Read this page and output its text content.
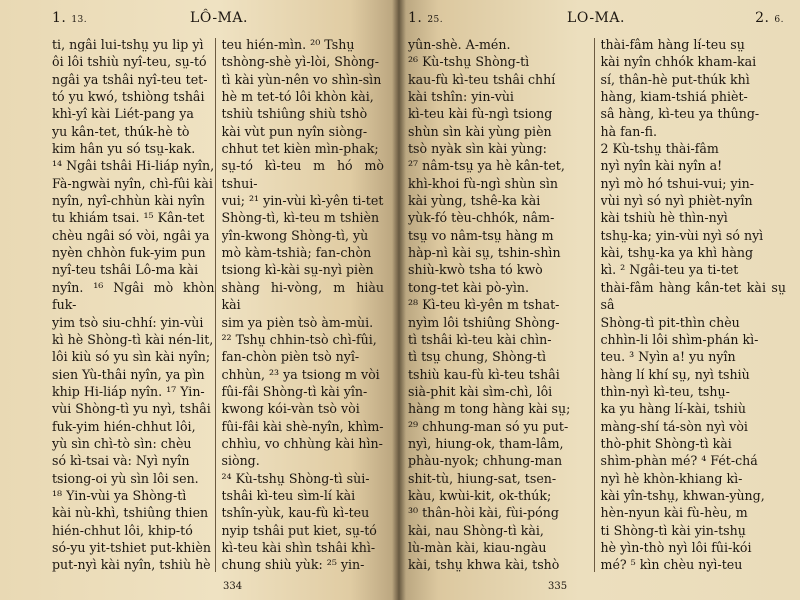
1. 13.	LÔ-MA.
334
1. 25.	LO-MA.	2. 6.
335
ti, ngâi lui-tshṳ yu lip yì
ôi lôi tshiù nyî-teu, sṳ-tó
ngâi ya tshâi nyî-teu tet-
tó yu kwó, tshiòng tshâi
khì-yî kài Liét-pang ya
yu kân-tet, thúk-hè tò
kim hân yu só tsṳ-kak.
¹⁴ Ngâi tshâi Hi-liáp nyîn,
Fà-ngwài nyîn, chì-fûi kài
nyîn, nyî-chhùn kài nyîn
tu khiám tsai. ¹⁵ Kân-tet
chèu ngâi só vòi, ngâi ya
nyèn chhòn fuk-yim pun
nyî-teu tshâi Lô-ma kài
nyîn. ¹⁶ Ngâi mò khòn fuk-
yim tsò siu-chhí: yin-vùi
kì hè Shòng-tì kài nén-lit,
lôi kiù só yu sìn kài nyîn;
sien Yù-thâi nyîn, ya pìn
khip Hi-liáp nyîn. ¹⁷ Yin-
vùi Shòng-tì yu nyì, tshâi
fuk-yim hién-chhut lôi,
yù sìn chì-tò sìn: chèu
só kì-tsai và: Nyì nyîn
tsiong-oi yù sìn lôi sen.
¹⁸ Yin-vùi ya Shòng-tì
kài nù-khì, tshiûng thien
hién-chhut lôi, khip-tó
só-yu yit-tshiet put-khièn
put-nyì kài nyîn, tshiù hè
teu hién-mìn. ²⁰ Tshṳ
tshòng-shè yì-lòi, Shòng-
tì kài yùn-nên vo shìn-sìn
hè m tet-tó lôi khòn kài,
tshiù tshiûng shiù tshò
kài vùt pun nyîn siòng-
chhut tet kièn mìn-phak;
sṳ-tó kì-teu m hó mò tshui-
vui; ²¹ yin-vùi kì-yên ti-tet
Shòng-tì, kì-teu m tshièn
yîn-kwong Shòng-tì, yù
mò kàm-tshià; fan-chòn
tsiong kì-kài sṳ-nyì pièn
shàng hi-vòng, m hiàu kài
sim ya pièn tsò àm-mùi.
²² Tshṳ chhin-tsò chì-fûi,
fan-chòn pièn tsò nyî-
chhùn, ²³ ya tsiong m vòi
fûi-fâi Shòng-tì kài yîn-
kwong kói-vàn tsò vòi
fûi-fâi kài shè-nyîn, khìm-
chhìu, vo chhùng kài hìn-
siòng.
²⁴ Kù-tshṳ Shòng-tì sùi-
tshâi kì-teu sìm-lí kài
tshîn-yùk, kau-fù kì-teu
nyip tshâi put kiet, sṳ-tó
kì-teu kài shìn tshâi khì-
chung shiù yùk: ²⁵ yin-
yûn-shè. A-mén.
²⁶ Kù-tshṳ Shòng-tì
kau-fù kì-teu tshâi chhí
kài tshîn: yin-vùi
kì-teu kài fù-ngì tsiong
shùn sìn kài yùng pièn
tsò nyàk sìn kài yùng:
²⁷ nâm-tsṳ ya hè kân-tet,
khì-khoi fù-ngì shùn sìn
kài yùng, tshê-ka kài
yùk-fó tèu-chhók, nâm-
tsṳ vo nâm-tsṳ hàng m
hàp-nì kài sṳ, tshin-shìn
shiù-kwò tsha tó kwò
tong-tet kài pò-yìn.
²⁸ Kì-teu kì-yên m tshat-
nyìm lôi tshiûng Shòng-
tì tshâi kì-teu kài chìn-
tì tsṳ chung, Shòng-tì
tshiù kau-fù kì-teu tshâi
sià-phit kài sìm-chì, lôi
hàng m tong hàng kài sṳ;
²⁹ chhung-man só yu put-
nyì, hiung-ok, tham-lâm,
phàu-nyok; chhung-man
shit-tù, hiung-sat, tsen-
kàu, kwùi-kit, ok-thúk;
³⁰ thân-hòi kài, fùi-póng
kài, nau Shòng-tì kài,
lù-màn kài, kiau-ngàu
kài, tshṳ khwa kài, tshò
thài-fâm hàng lí-teu sṳ
kài nyîn chhók kham-kai
sí, thân-hè put-thúk khì
hàng, kiam-tshiá phièt-
sâ hàng, kì-teu ya thûng-
hà fan-fi.
2 Kù-tshṳ thài-fâm
nyì nyîn kài nyîn a!
nyì mò hó tshui-vui; yin-
vùi nyì só nyì phièt-nyîn
kài tshiù hè thìn-nyì
tshṳ-ka; yin-vùi nyì só nyì
kài, tshṳ-ka ya khì hàng
kì. ² Ngâi-teu ya ti-tet
thài-fâm hàng kân-tet kài sṳ sâ
Shòng-tì pit-thìn chèu
chhìn-li lôi shìm-phán kì-
teu. ³ Nyìn a! yu nyîn
hàng lí khí sṳ, nyì tshiù
thìn-nyì kì-teu, tshṳ-
ka yu hàng lí-kài, tshiù
màng-shí tá-sòn nyì vòi
thò-phit Shòng-tì kài
shìm-phàn mé? ⁴ Fét-chá
nyì hè khòn-khiang kì-
kài yîn-tshṳ, khwan-yùng,
hèn-nyun kài fù-hèu, m
ti Shòng-tì kài yin-tshṳ
hè yìn-thò nyì lôi fûi-kói
mé? ⁵ kìn chèu nyì-teu
